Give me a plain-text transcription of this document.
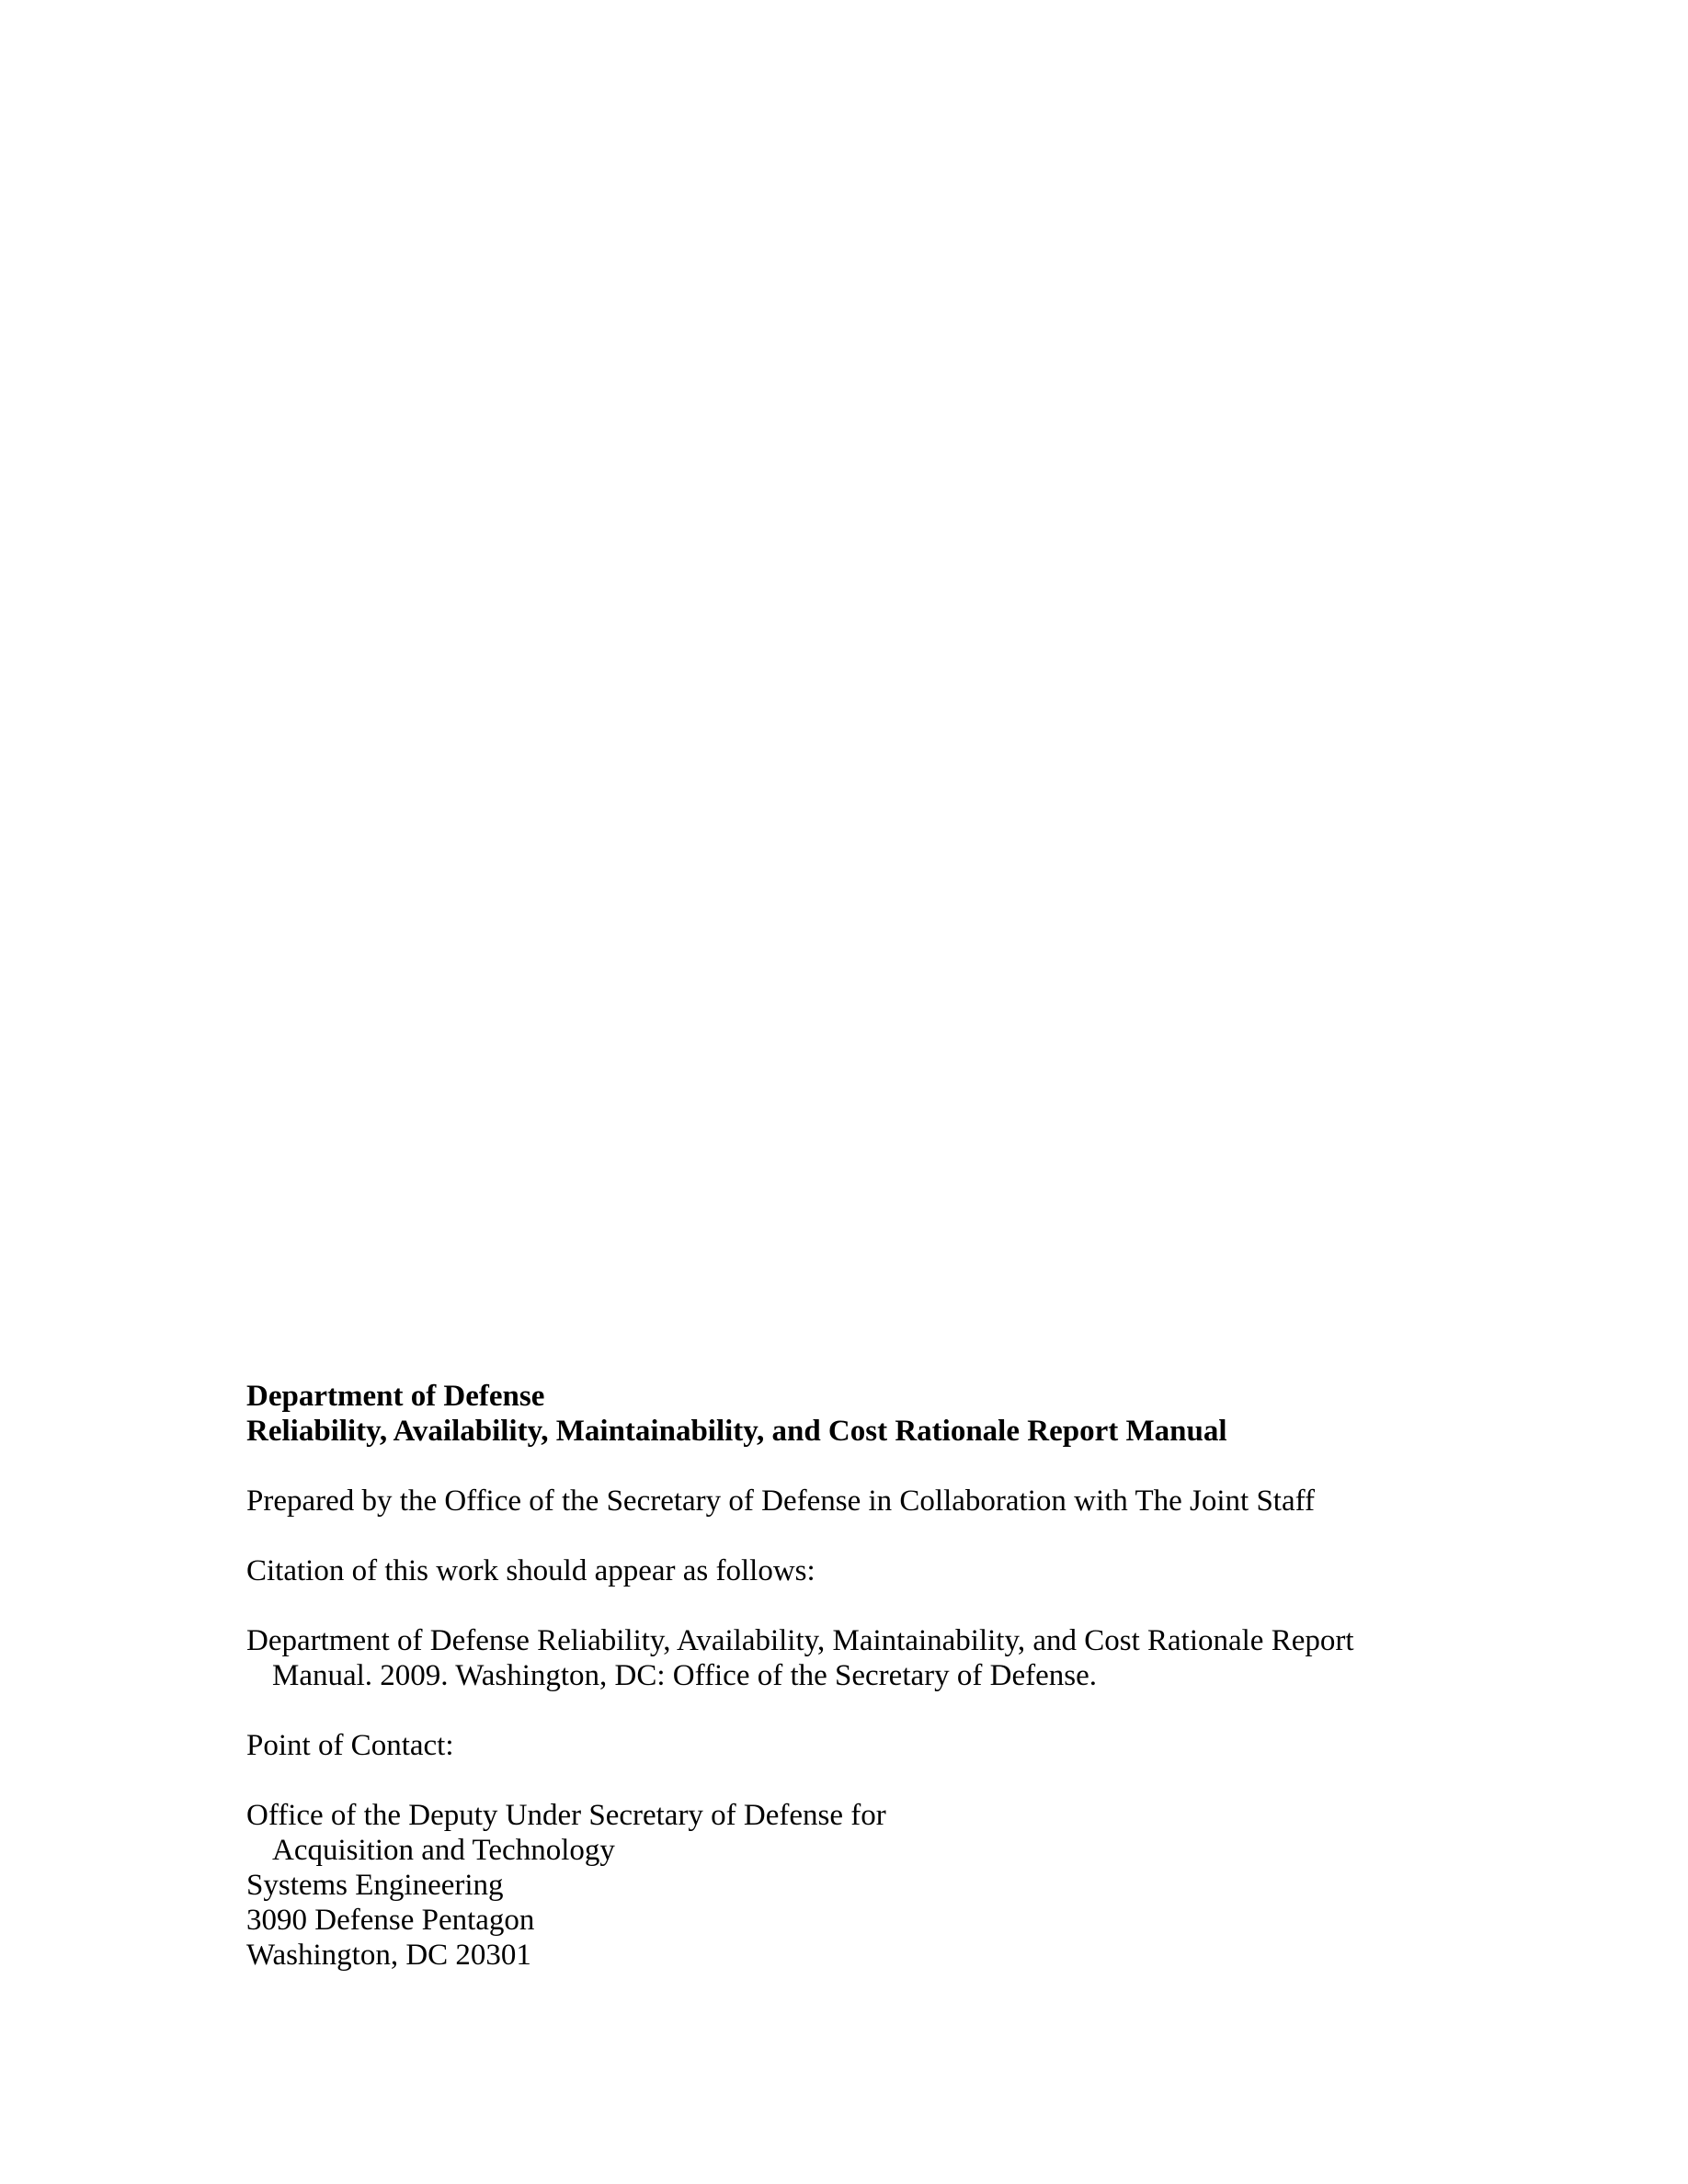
Department of Defense
Reliability, Availability, Maintainability, and Cost Rationale Report Manual
Prepared by the Office of the Secretary of Defense in Collaboration with The Joint Staff
Citation of this work should appear as follows:
Department of Defense Reliability, Availability, Maintainability, and Cost Rationale Report
Manual. 2009. Washington, DC: Office of the Secretary of Defense.
Point of Contact:
Office of the Deputy Under Secretary of Defense for
Acquisition and Technology
Systems Engineering
3090 Defense Pentagon
Washington, DC 20301
